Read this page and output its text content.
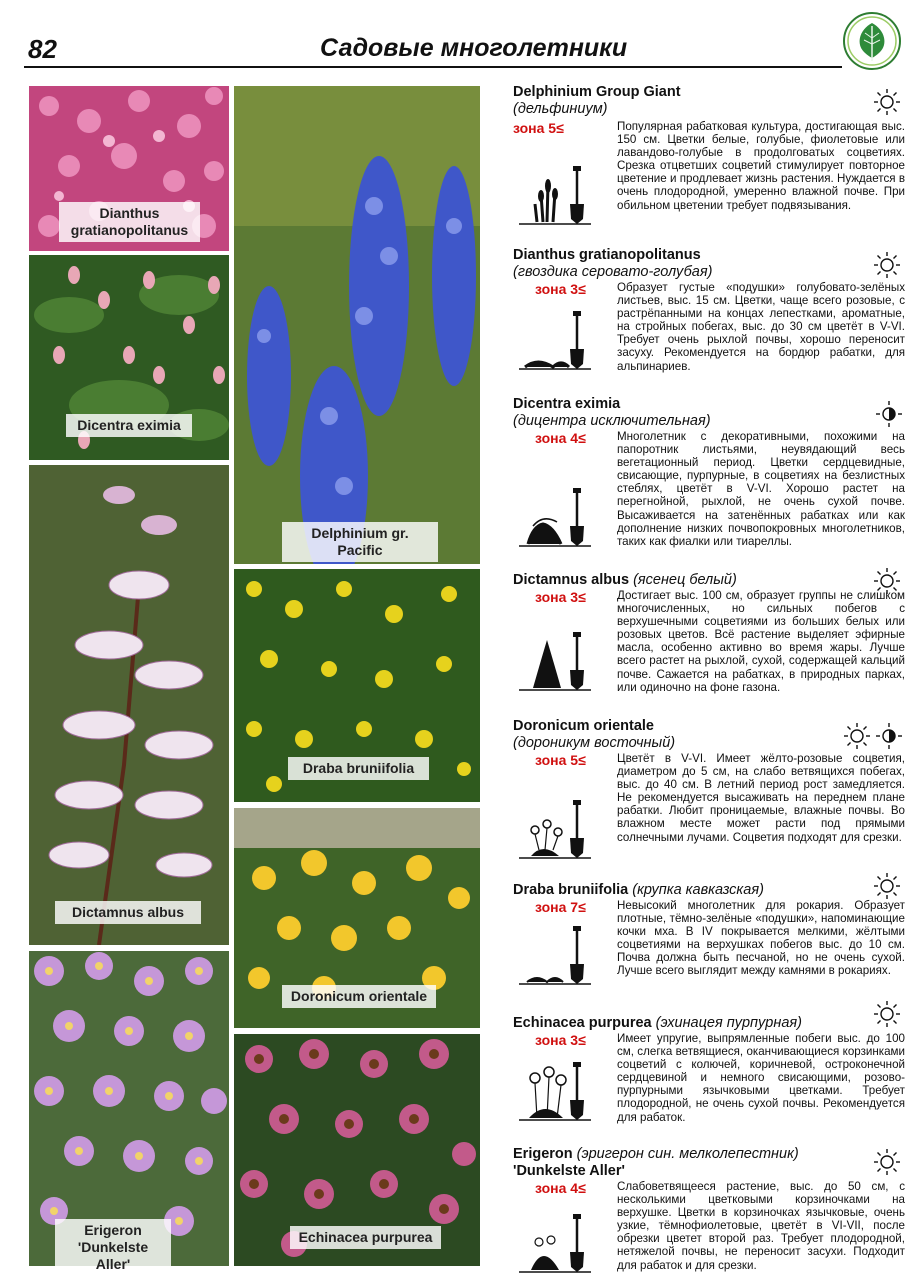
82	Садовые многолетники
Dianthus gratianopolitanus
Dicentra eximia
Dictamnus albus
Erigeron 'Dunkelste Aller'
Delphinium gr. Pacific
Draba bruniifolia
Doronicum orientale
Echinacea purpurea
Delphinium Group Giant
(дельфиниум)
зона 5≤	Популярная рабатковая культура, достигающая выс. 150 см. Цветки белые, голубые, фиолетовые или лавандово-голубые в продолговатых соцветиях. Срезка отцветших соцветий стимулирует повторное цветение и продлевает жизнь растения. Нуждается в очень плодородной, умеренно влажной почве. При обильном цветении требует подвязывания.
Dianthus gratianopolitanus
(гвоздика серовато-голубая)
зона 3≤	Образует густые «подушки» голубовато-зелёных листьев, выс. 15 см. Цветки, чаще всего розовые, с растрёпанными на концах лепестками, ароматные, на стройных побегах, выс. до 30 см цветёт в V-VI. Требует очень рыхлой почвы, хорошо переносит засуху. Рекомендуется на бордюр рабатки, для альпинариев.
Dicentra eximia
(дицентра исключительная)
зона 4≤	Многолетник с декоративными, похожими на папоротник листьями, неувядающий весь вегетационный период. Цветки сердцевидные, свисающие, пурпурные, в соцветиях на безлистных стеблях, цветёт в V-VI. Хорошо растет на перегнойной, рыхлой, не очень сухой почве. Высаживается на затенённых рабатках или как дополнение низких почвопокровных многолетников, таких как фиалки или тиареллы.
Dictamnus albus (ясенец белый)
зона 3≤	Достигает выс. 100 см, образует группы не слишком многочисленных, но сильных побегов с верхушечными соцветиями из больших белых или розовых цветов. Всё растение выделяет эфирные масла, особенно активно во время жары. Лучше всего растет на рыхлой, сухой, содержащей кальций почве. Сажается на рабатках, в природных парках, или одиночно на фоне газона.
Doronicum orientale
(дороникум восточный)
зона 5≤	Цветёт в V-VI. Имеет жёлто-розовые соцветия, диаметром до 5 см, на слабо ветвящихся побегах, выс. до 40 см. В летний период рост замедляется. Не рекомендуется высаживать на переднем плане рабатки. Любит проницаемые, влажные почвы. Во влажном месте может расти под прямыми солнечными лучами. Соцветия подходят для срезки.
Draba bruniifolia (крупка кавказская)
зона 7≤	Невысокий многолетник для рокария. Образует плотные, тёмно-зелёные «подушки», напоминающие кочки мха. В IV покрывается мелкими, жёлтыми соцветиями на верхушках побегов выс. до 10 см. Почва должна быть песчаной, но не очень сухой. Лучше всего выглядит между камнями в рокариях.
Echinacea purpurea (эхинацея пурпурная)
зона 3≤	Имеет упругие, выпрямленные побеги выс. до 100 см, слегка ветвящиеся, оканчивающиеся корзинками соцветий с колючей, коричневой, остроконечной сердцевиной и немного свисающими, розово-пурпурными язычковыми цветками. Требует плодородной, не очень сухой почвы. Рекомендуется для рабаток.
Erigeron (эригерон син. мелколепестник)
'Dunkelste Aller'
зона 4≤	Слабоветвящееся растение, выс. до 50 см, с несколькими цветковыми корзиночками на верхушке. Цветки в корзиночках язычковые, очень узкие, тёмнофиолетовые, цветёт в VI-VII, после обрезки цветет второй раз. Требует плодородной, нетяжелой почвы, не переносит засухи. Подходит для рабаток и для срезки.
